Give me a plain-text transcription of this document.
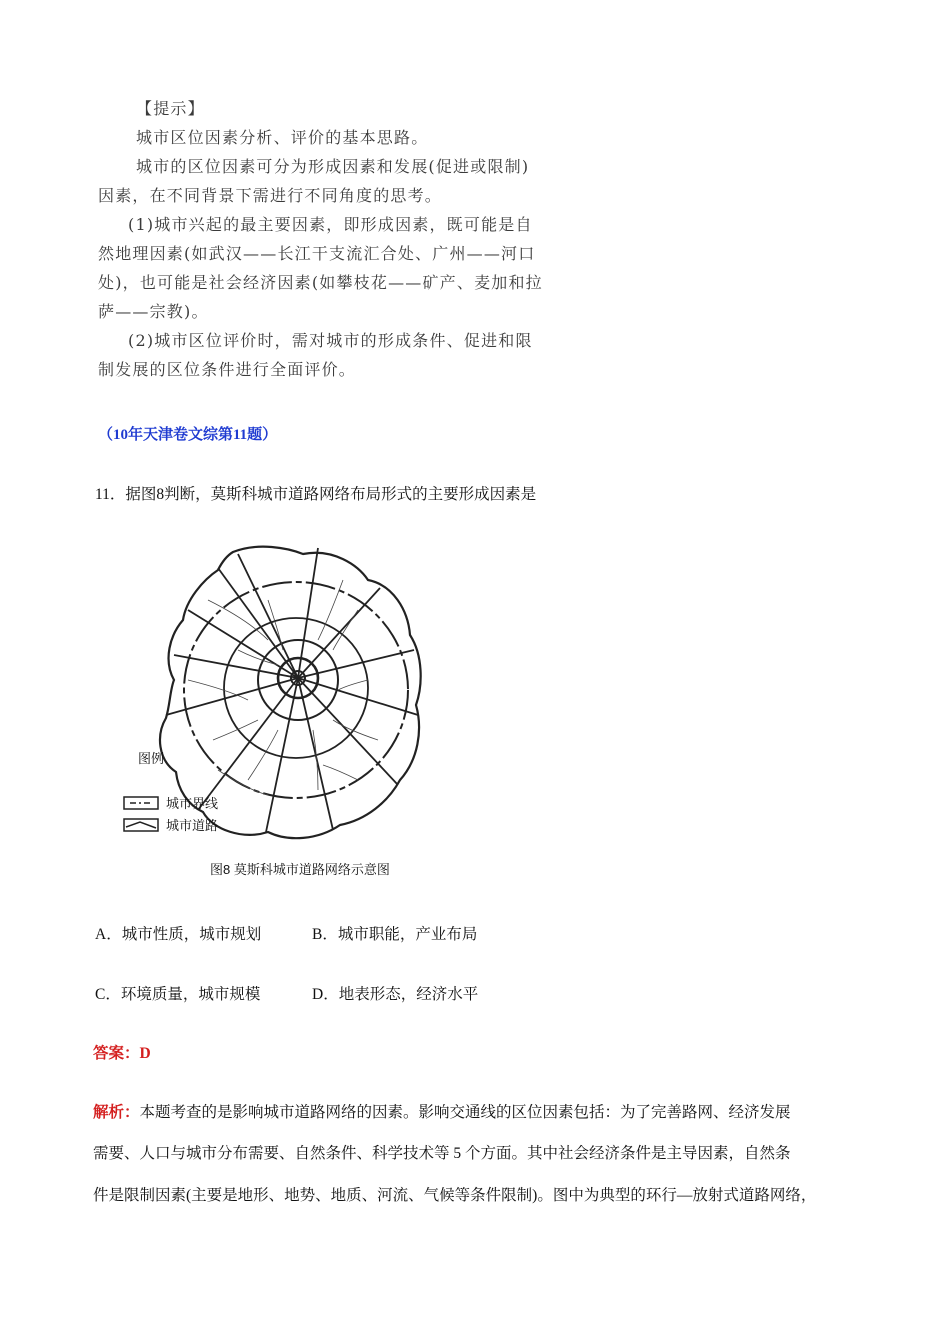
【提示】
城市区位因素分析、评价的基本思路。
城市的区位因素可分为形成因素和发展(促进或限制)
因素，在不同背景下需进行不同角度的思考。
(1)城市兴起的最主要因素，即形成因素，既可能是自
然地理因素(如武汉——长江干支流汇合处、广州——河口
处)，也可能是社会经济因素(如攀枝花——矿产、麦加和拉
萨——宗教)。
(2)城市区位评价时，需对城市的形成条件、促进和限
制发展的区位条件进行全面评价。
（10年天津卷文综第11题）
11．据图8判断，莫斯科城市道路网络布局形式的主要形成因素是
图例
城市界线
城市道路
图8 莫斯科城市道路网络示意图
A．城市性质，城市规划	B．城市职能，产业布局
C．环境质量，城市规模	D．地表形态，经济水平
答案：D
解析：本题考查的是影响城市道路网络的因素。影响交通线的区位因素包括：为了完善路网、经济发展
需要、人口与城市分布需要、自然条件、科学技术等 5 个方面。其中社会经济条件是主导因素，自然条
件是限制因素(主要是地形、地势、地质、河流、气候等条件限制)。图中为典型的环行—放射式道路网络，
